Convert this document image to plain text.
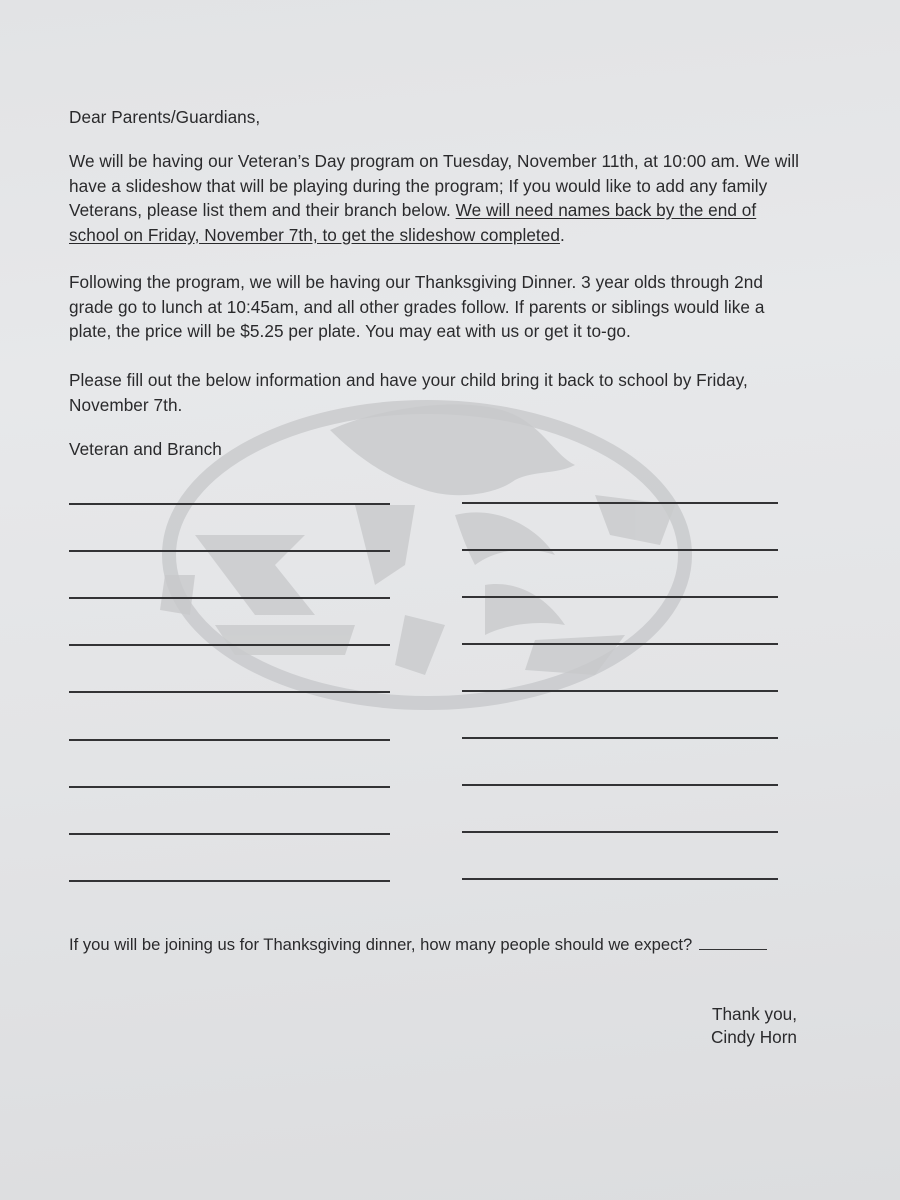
Dear Parents/Guardians,
We will be having our Veteran’s Day program on Tuesday, November 11th, at 10:00 am. We will have a slideshow that will be playing during the program; If you would like to add any family Veterans, please list them and their branch below. We will need names back by the end of school on Friday, November 7th, to get the slideshow completed.
Following the program, we will be having our Thanksgiving Dinner. 3 year olds through 2nd grade go to lunch at 10:45am, and all other grades follow. If parents or siblings would like a plate, the price will be $5.25 per plate. You may eat with us or get it to-go.
Please fill out the below information and have your child bring it back to school by Friday, November 7th.
Veteran and Branch
If you will be joining us for Thanksgiving dinner, how many people should we expect?
Thank you,
Cindy Horn
